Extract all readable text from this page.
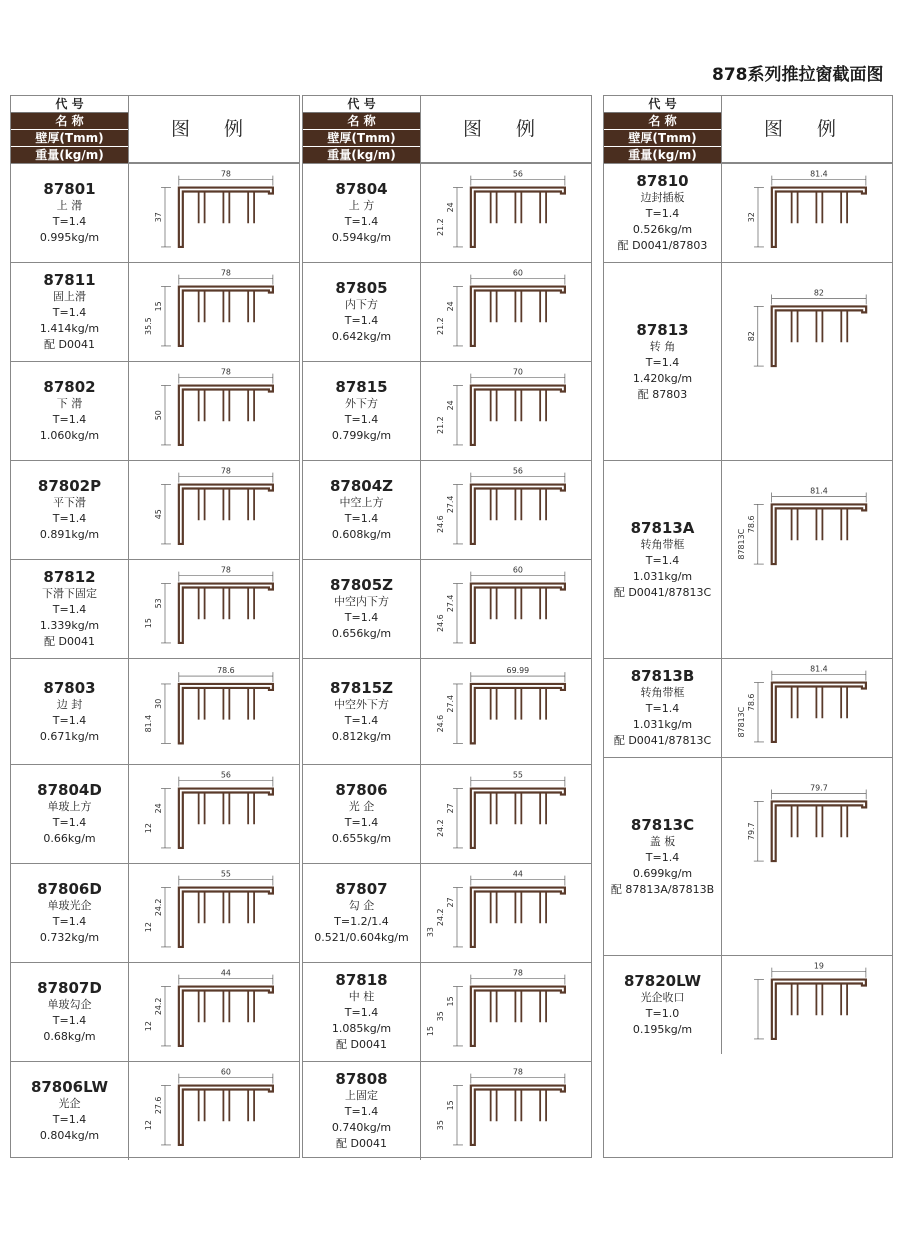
878系列推拉窗截面图
代 号
名 称
壁厚(Tmm)
重量(kg/m)
图 例
87801
上 滑
T=1.4
0.995kg/m
78
37
87811
固上滑
T=1.4
1.414kg/m
配 D0041
78
15
35.5
87802
下 滑
T=1.4
1.060kg/m
78
50
87802P
平下滑
T=1.4
0.891kg/m
78
45
87812
下滑下固定
T=1.4
1.339kg/m
配 D0041
78
53
15
87803
边 封
T=1.4
0.671kg/m
78.6
30
81.4
87804D
单玻上方
T=1.4
0.66kg/m
56
24
12
87806D
单玻光企
T=1.4
0.732kg/m
55
24.2
12
87807D
单玻勾企
T=1.4
0.68kg/m
44
24.2
12
87806LW
光企
T=1.4
0.804kg/m
60
27.6
12
代 号
名 称
壁厚(Tmm)
重量(kg/m)
图 例
87804
上 方
T=1.4
0.594kg/m
56
24
21.2
87805
内下方
T=1.4
0.642kg/m
60
24
21.2
87815
外下方
T=1.4
0.799kg/m
70
24
21.2
87804Z
中空上方
T=1.4
0.608kg/m
56
27.4
24.6
87805Z
中空内下方
T=1.4
0.656kg/m
60
27.4
24.6
87815Z
中空外下方
T=1.4
0.812kg/m
69.99
27.4
24.6
87806
光 企
T=1.4
0.655kg/m
55
27
24.2
87807
勾 企
T=1.2/1.4
0.521/0.604kg/m
44
27
24.2
33
87818
中 柱
T=1.4
1.085kg/m
配 D0041
78
15
35
15
87808
上固定
T=1.4
0.740kg/m
配 D0041
78
15
35
代 号
名 称
壁厚(Tmm)
重量(kg/m)
图 例
87810
边封插板
T=1.4
0.526kg/m
配 D0041/87803
81.4
32
87813
转 角
T=1.4
1.420kg/m
配 87803
82
82
87813A
转角带框
T=1.4
1.031kg/m
配 D0041/87813C
81.4
78.6
87813C
87813B
转角带框
T=1.4
1.031kg/m
配 D0041/87813C
81.4
78.6
87813C
87813C
盖 板
T=1.4
0.699kg/m
配 87813A/87813B
79.7
79.7
87820LW
光企收口
T=1.0
0.195kg/m
19
